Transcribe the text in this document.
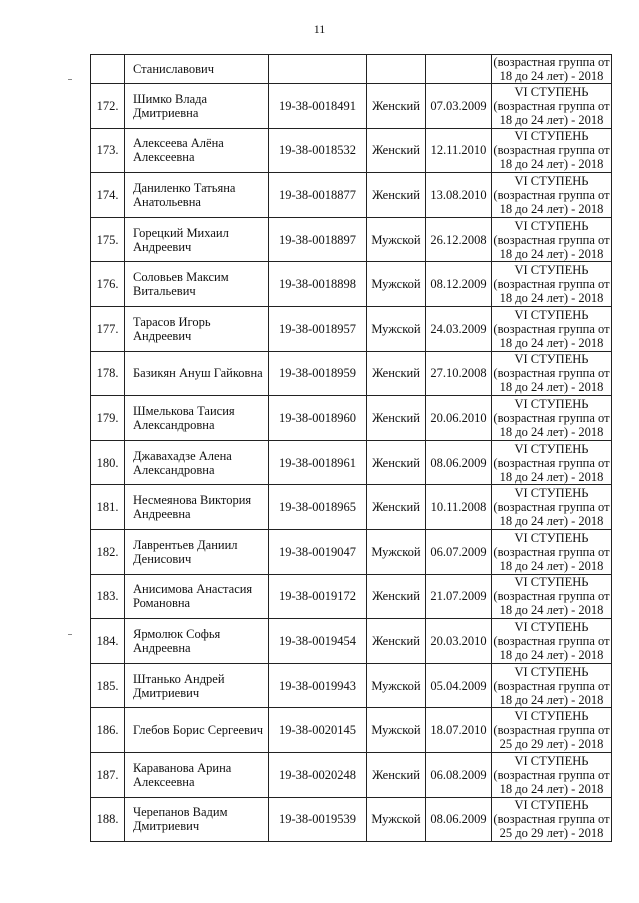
11
	Станиславович				(возрастная группа от
18 до 24 лет) - 2018

172.	Шимко Влада Дмитриевна	19-38-0018491	Женский	07.03.2009	VI СТУПЕНЬ
(возрастная группа от
18 до 24 лет) - 2018

173.	Алексеева Алёна Алексеевна	19-38-0018532	Женский	12.11.2010	VI СТУПЕНЬ
(возрастная группа от
18 до 24 лет) - 2018

174.	Даниленко Татьяна Анатольевна	19-38-0018877	Женский	13.08.2010	VI СТУПЕНЬ
(возрастная группа от
18 до 24 лет) - 2018

175.	Горецкий Михаил Андреевич	19-38-0018897	Мужской	26.12.2008	VI СТУПЕНЬ
(возрастная группа от
18 до 24 лет) - 2018

176.	Соловьев Максим Витальевич	19-38-0018898	Мужской	08.12.2009	VI СТУПЕНЬ
(возрастная группа от
18 до 24 лет) - 2018

177.	Тарасов Игорь Андреевич	19-38-0018957	Мужской	24.03.2009	VI СТУПЕНЬ
(возрастная группа от
18 до 24 лет) - 2018

178.	Базикян Ануш Гайковна	19-38-0018959	Женский	27.10.2008	VI СТУПЕНЬ
(возрастная группа от
18 до 24 лет) - 2018

179.	Шмелькова Таисия Александровна	19-38-0018960	Женский	20.06.2010	VI СТУПЕНЬ
(возрастная группа от
18 до 24 лет) - 2018

180.	Джавахадзе Алена Александровна	19-38-0018961	Женский	08.06.2009	VI СТУПЕНЬ
(возрастная группа от
18 до 24 лет) - 2018

181.	Несмеянова Виктория Андреевна	19-38-0018965	Женский	10.11.2008	VI СТУПЕНЬ
(возрастная группа от
18 до 24 лет) - 2018

182.	Лаврентьев Даниил Денисович	19-38-0019047	Мужской	06.07.2009	VI СТУПЕНЬ
(возрастная группа от
18 до 24 лет) - 2018

183.	Анисимова Анастасия Романовна	19-38-0019172	Женский	21.07.2009	VI СТУПЕНЬ
(возрастная группа от
18 до 24 лет) - 2018

184.	Ярмолюк Софья Андреевна	19-38-0019454	Женский	20.03.2010	VI СТУПЕНЬ
(возрастная группа от
18 до 24 лет) - 2018

185.	Штанько Андрей Дмитриевич	19-38-0019943	Мужской	05.04.2009	VI СТУПЕНЬ
(возрастная группа от
18 до 24 лет) - 2018

186.	Глебов Борис Сергеевич	19-38-0020145	Мужской	18.07.2010	VI СТУПЕНЬ
(возрастная группа от
25 до 29 лет) - 2018

187.	Караванова Арина Алексеевна	19-38-0020248	Женский	06.08.2009	VI СТУПЕНЬ
(возрастная группа от
18 до 24 лет) - 2018

188.	Черепанов Вадим Дмитриевич	19-38-0019539	Мужской	08.06.2009	VI СТУПЕНЬ
(возрастная группа от
25 до 29 лет) - 2018
